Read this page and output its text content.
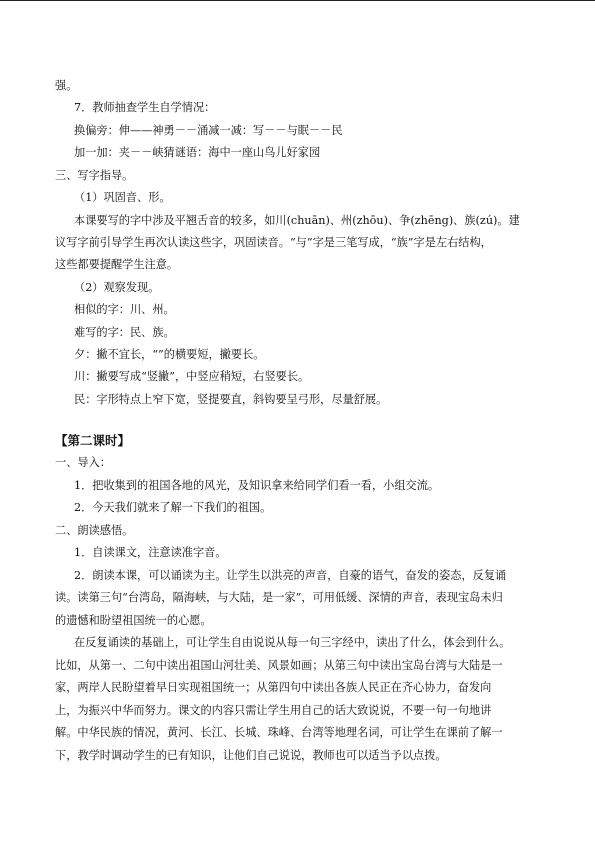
强。
7．教师抽查学生自学情况：
换偏旁：伸——神勇－－涌减一减：写－－与眠－－民
加一加：夹－－峡猜谜语：海中一座山鸟儿好家园
三、写字指导。
（1）巩固音、形。
本课要写的字中涉及平翘舌音的较多，如川(chuān)、州(zhōu)、争(zhēng)、族(zú)。建
议写字前引导学生再次认读这些字，巩固读音。“与”字是三笔写成，“族”字是左右结构，
这些都要提醒学生注意。
（2）观察发现。
相似的字：川、州。
难写的字：民、族。
夕：撇不宜长，“”的横要短，撇要长。
川：撇要写成“竖撇”，中竖应稍短，右竖要长。
民：字形特点上窄下宽，竖提要直，斜钩要呈弓形，尽量舒展。
【第二课时】
一、导入：
1．把收集到的祖国各地的风光，及知识拿来给同学们看一看，小组交流。
2．今天我们就来了解一下我们的祖国。
二、朗读感悟。
1．自读课文，注意读准字音。
2．朗读本课，可以诵读为主。让学生以洪亮的声音，自豪的语气，奋发的姿态，反复诵
读。读第三句“台湾岛，隔海峡，与大陆，是一家”，可用低缓、深情的声音，表现宝岛未归
的遗憾和盼望祖国统一的心愿。
在反复诵读的基础上，可让学生自由说说从每一句三字经中，读出了什么，体会到什么。
比如，从第一、二句中读出祖国山河壮美、风景如画；从第三句中读出宝岛台湾与大陆是一
家，两岸人民盼望着早日实现祖国统一；从第四句中读出各族人民正在齐心协力，奋发向
上，为振兴中华而努力。课文的内容只需让学生用自己的话大致说说，不要一句一句地讲
解。中华民族的情况，黄河、长江、长城、珠峰、台湾等地理名词，可让学生在课前了解一
下，教学时调动学生的已有知识，让他们自己说说，教师也可以适当予以点拨。
